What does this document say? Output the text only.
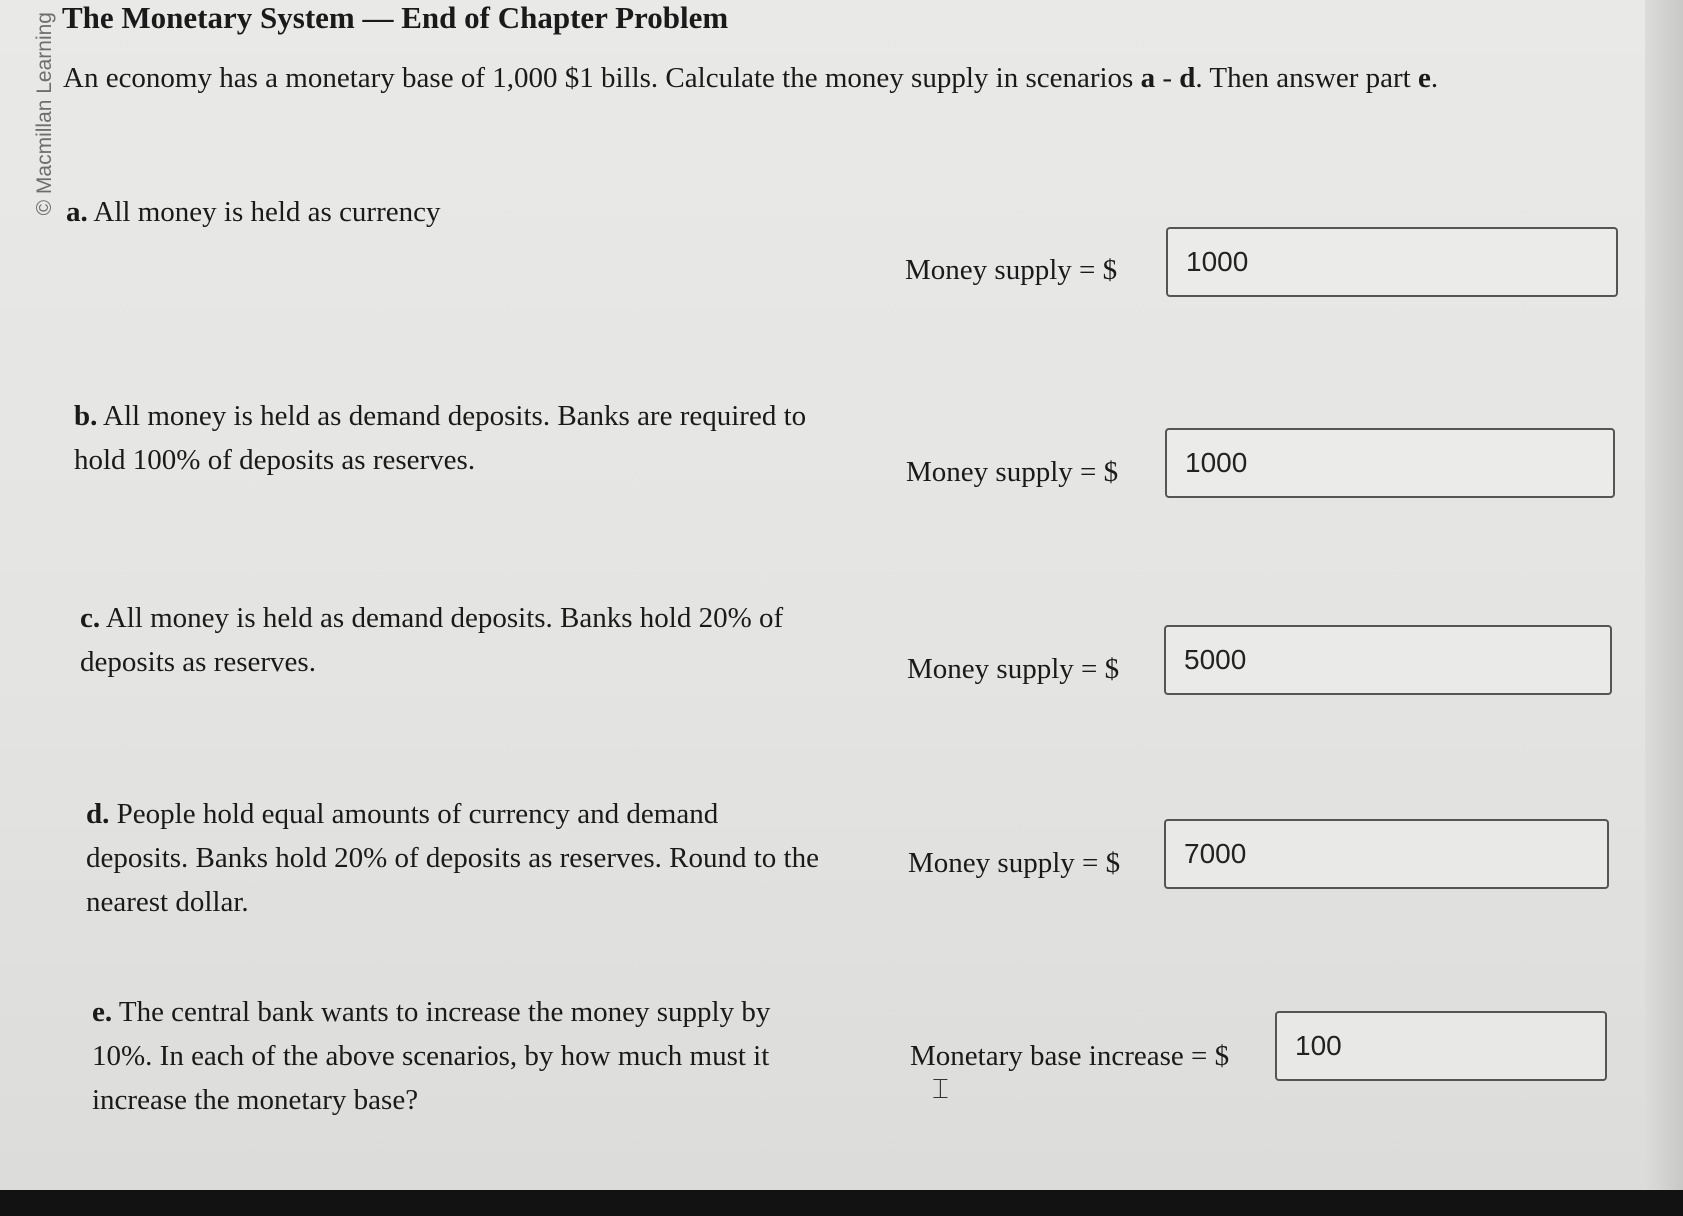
© Macmillan Learning The Monetary System — End of Chapter Problem
An economy has a monetary base of 1,000 $1 bills. Calculate the money supply in scenarios a - d. Then answer part e.
a. All money is held as currency
Money supply = $	1000
b. All money is held as demand deposits. Banks are required to hold 100% of deposits as reserves.	Money supply = $	1000
c. All money is held as demand deposits. Banks hold 20% of deposits as reserves.	Money supply = $	5000
d. People hold equal amounts of currency and demand deposits. Banks hold 20% of deposits as reserves. Round to the nearest dollar.
Money supply = $	7000
e. The central bank wants to increase the money supply by 10%. In each of the above scenarios, by how much must it increase the monetary base?
Monetary base increase = $	100
⌶
